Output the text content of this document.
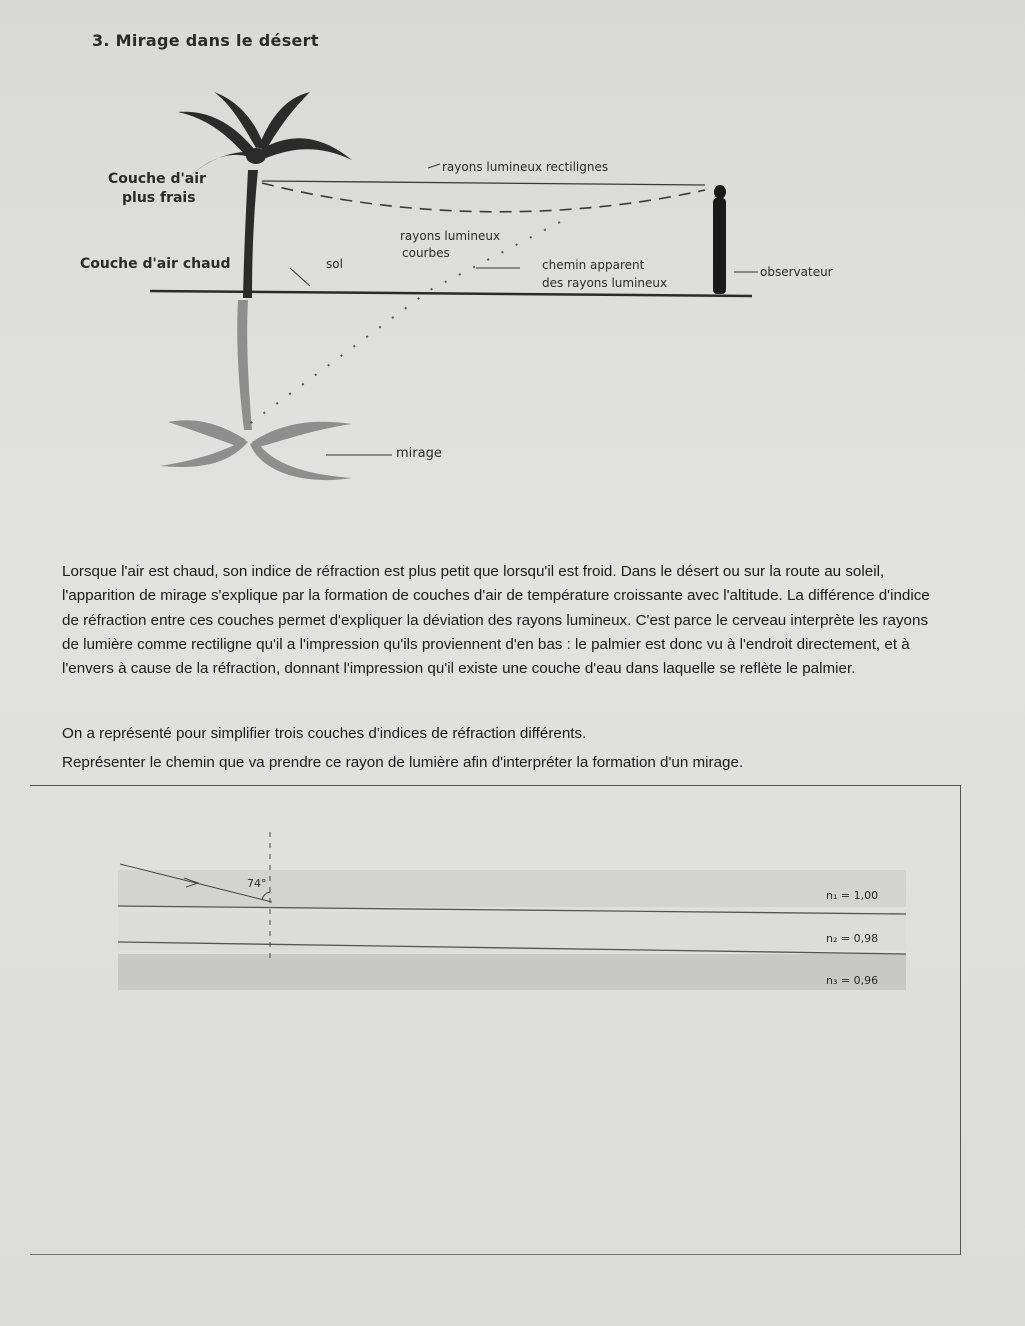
3. Mirage dans le désert
Couche d'air
plus frais
Couche d'air chaud	sol
rayons lumineux rectilignes
rayons lumineux
courbes
chemin apparent
des rayons lumineux
observateur
mirage
Lorsque l'air est chaud, son indice de réfraction est plus petit que lorsqu'il est froid. Dans le désert ou sur la route au soleil, l'apparition de mirage s'explique par la formation de couches d'air de température croissante avec l'altitude. La différence d'indice de réfraction entre ces couches permet d'expliquer la déviation des rayons lumineux. C'est parce le cerveau interprète les rayons de lumière comme rectiligne qu'il a l'impression qu'ils proviennent d'en bas : le palmier est donc vu à l'endroit directement, et à l'envers à cause de la réfraction, donnant l'impression qu'il existe une couche d'eau dans laquelle se reflète le palmier.
On a représenté pour simplifier trois couches d'indices de réfraction différents.
Représenter le chemin que va prendre ce rayon de lumière afin d'interpréter la formation d'un mirage.
74°
n₁ = 1,00
n₂ = 0,98
n₃ = 0,96
